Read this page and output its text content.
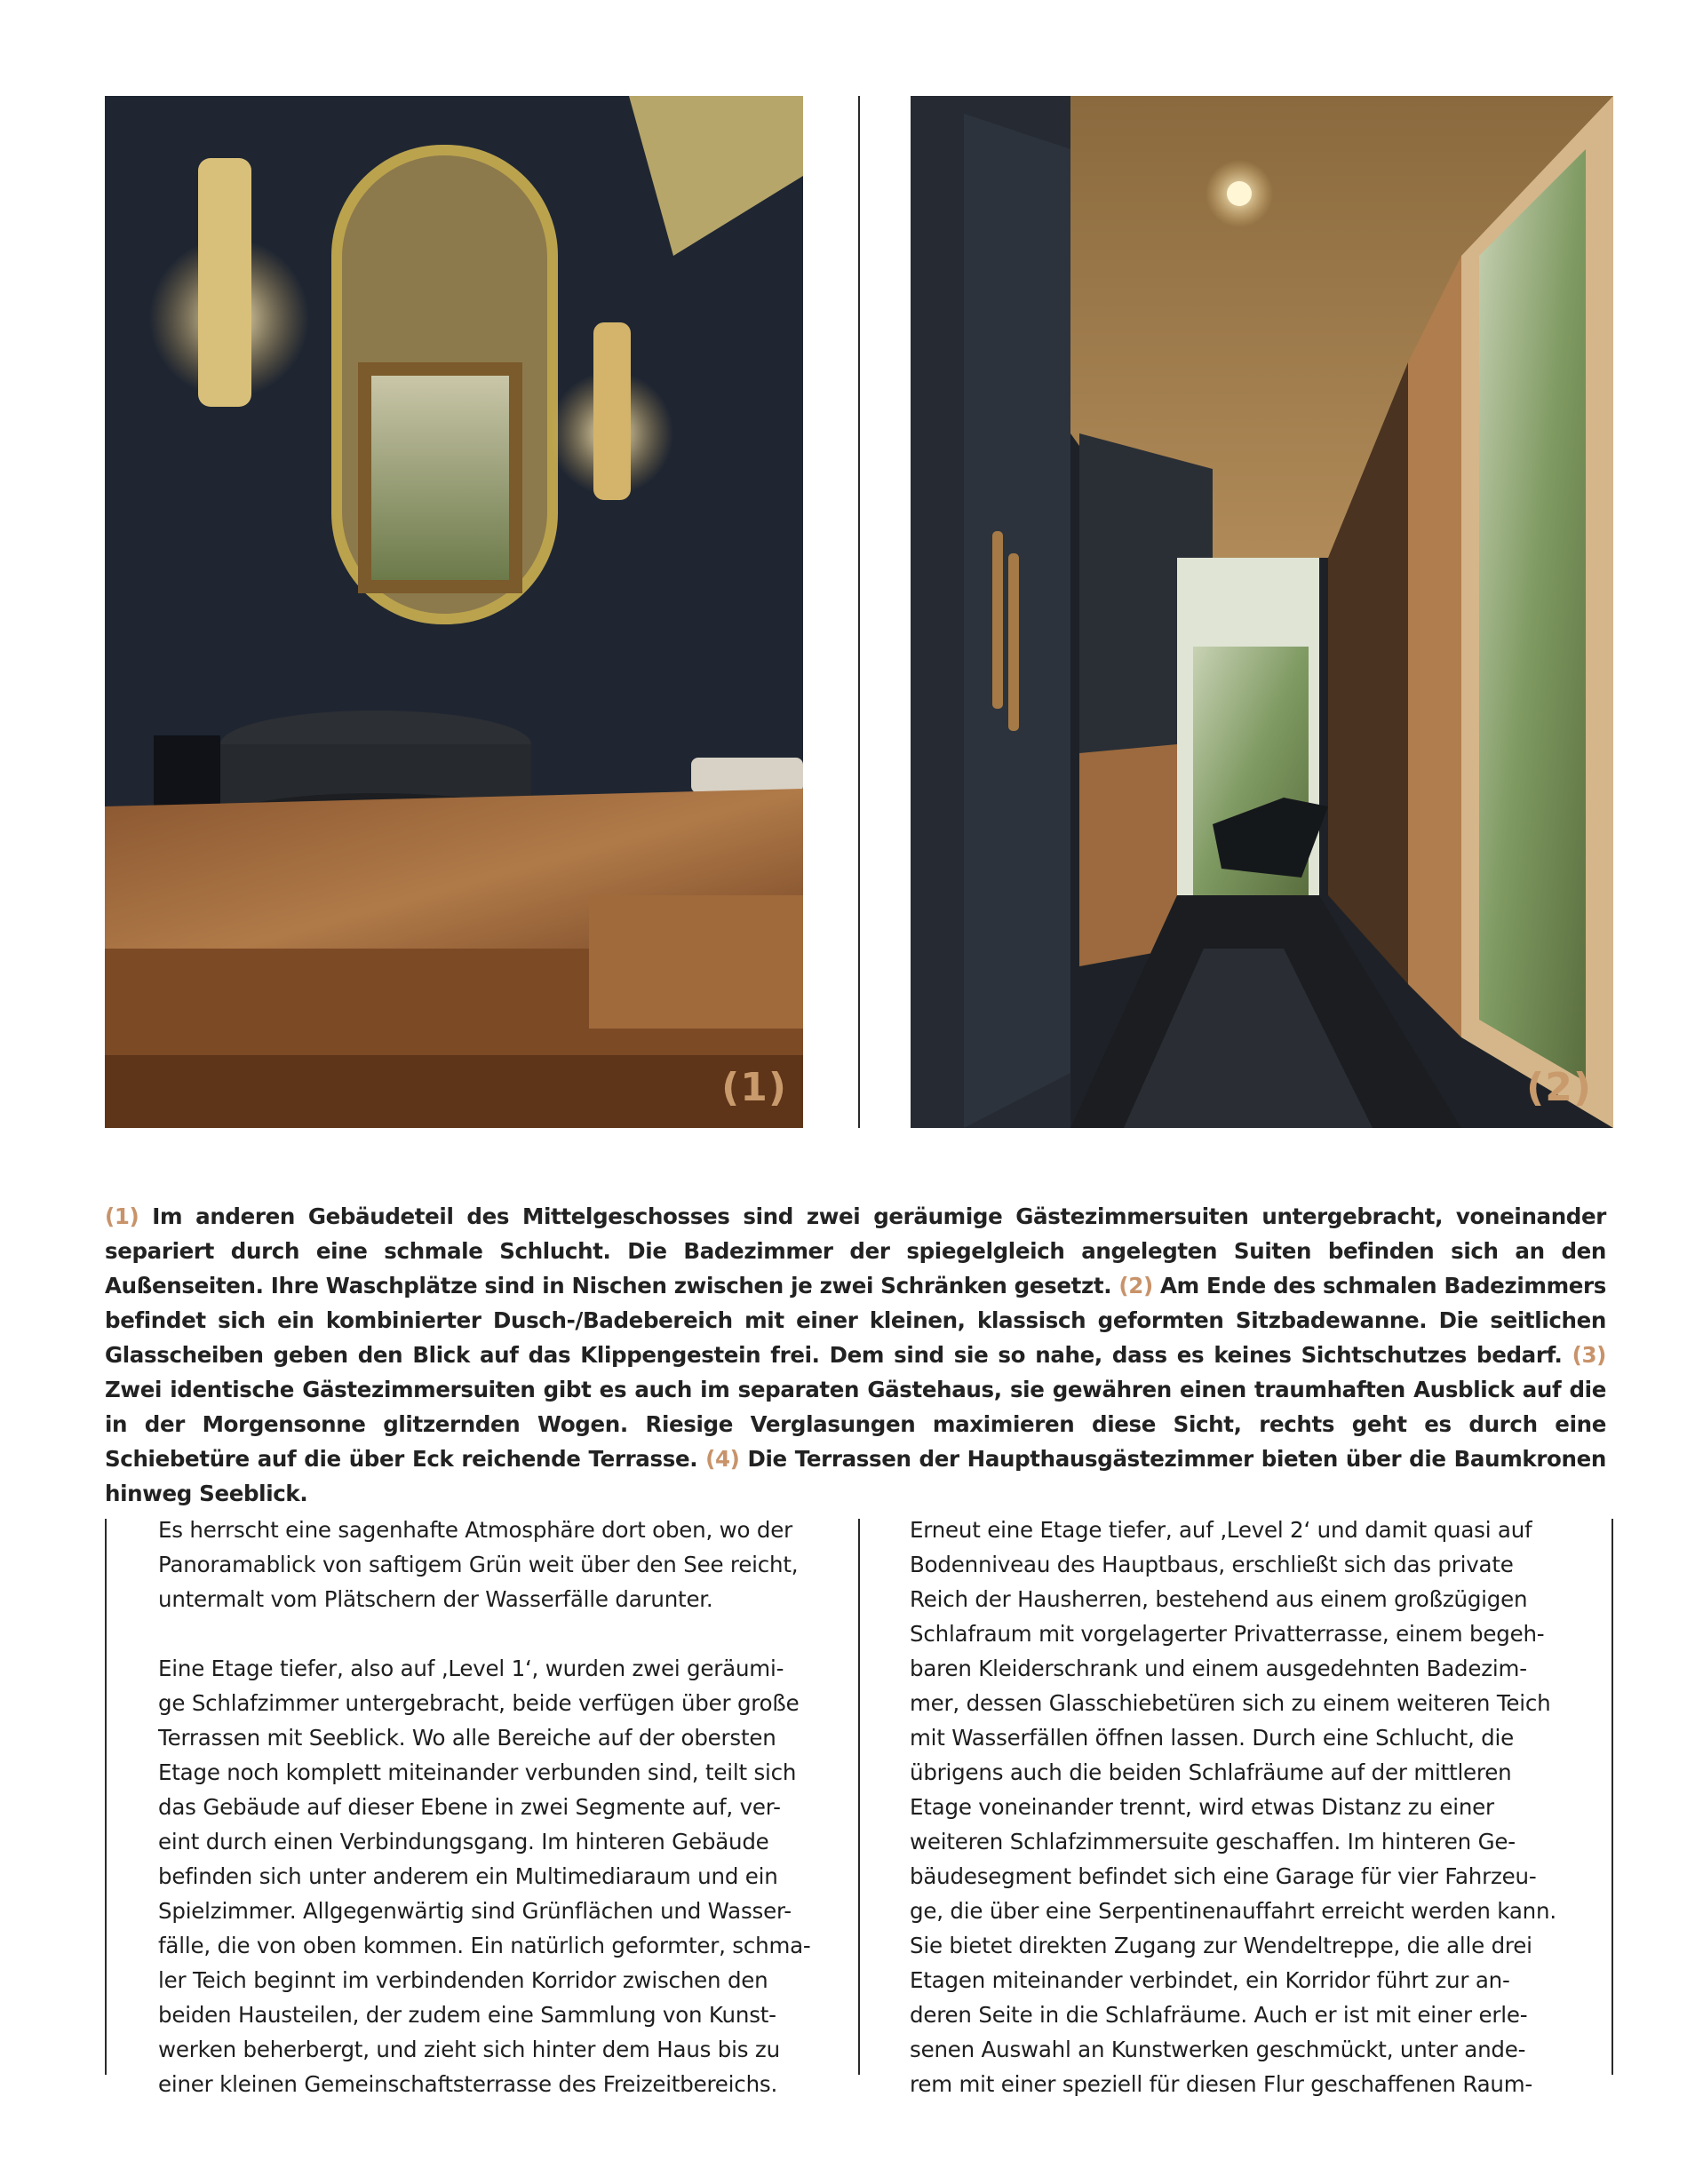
(1)	(2)
(1) Im anderen Gebäudeteil des Mittelgeschosses sind zwei geräumige Gästezimmersuiten untergebracht, voneinander separiert durch eine schmale Schlucht. Die Badezimmer der spiegelgleich angelegten Suiten befinden sich an den Außenseiten. Ihre Waschplätze sind in Nischen zwischen je zwei Schränken gesetzt. (2) Am Ende des schmalen Badezimmers befindet sich ein kombinierter Dusch-/Badebereich mit einer kleinen, klassisch geformten Sitzbadewanne. Die seitlichen Glasscheiben geben den Blick auf das Klippengestein frei. Dem sind sie so nahe, dass es keines Sichtschutzes bedarf. (3) Zwei identische Gästezimmersuiten gibt es auch im separaten Gästehaus, sie gewähren einen traumhaften Ausblick auf die in der Morgensonne glitzernden Wogen. Riesige Verglasungen maximieren diese Sicht, rechts geht es durch eine Schiebetüre auf die über Eck reichende Terrasse. (4) Die Terrassen der Haupthausgästezimmer bieten über die Baumkronen hinweg Seeblick.

Es herrscht eine sagenhafte Atmosphäre dort oben, wo der
Panoramablick von saftigem Grün weit über den See reicht,
untermalt vom Plätschern der Wasserfälle darunter.

Eine Etage tiefer, also auf ‚Level 1‘, wurden zwei geräumi-
ge Schlafzimmer untergebracht, beide verfügen über große
Terrassen mit Seeblick. Wo alle Bereiche auf der obersten
Etage noch komplett miteinander verbunden sind, teilt sich
das Gebäude auf dieser Ebene in zwei Segmente auf, ver-
eint durch einen Verbindungsgang. Im hinteren Gebäude
befinden sich unter anderem ein Multimediaraum und ein
Spielzimmer. Allgegenwärtig sind Grünflächen und Wasser-
fälle, die von oben kommen. Ein natürlich geformter, schma-
ler Teich beginnt im verbindenden Korridor zwischen den
beiden Hausteilen, der zudem eine Sammlung von Kunst-
werken beherbergt, und zieht sich hinter dem Haus bis zu
einer kleinen Gemeinschaftsterrasse des Freizeitbereichs.

Erneut eine Etage tiefer, auf ‚Level 2‘ und damit quasi auf
Bodenniveau des Hauptbaus, erschließt sich das private
Reich der Hausherren, bestehend aus einem großzügigen
Schlafraum mit vorgelagerter Privatterrasse, einem begeh-
baren Kleiderschrank und einem ausgedehnten Badezim-
mer, dessen Glasschiebetüren sich zu einem weiteren Teich
mit Wasserfällen öffnen lassen. Durch eine Schlucht, die
übrigens auch die beiden Schlafräume auf der mittleren
Etage voneinander trennt, wird etwas Distanz zu einer
weiteren Schlafzimmersuite geschaffen. Im hinteren Ge-
bäudesegment befindet sich eine Garage für vier Fahrzeu-
ge, die über eine Serpentinenauffahrt erreicht werden kann.
Sie bietet direkten Zugang zur Wendeltreppe, die alle drei
Etagen miteinander verbindet, ein Korridor führt zur an-
deren Seite in die Schlafräume. Auch er ist mit einer erle-
senen Auswahl an Kunstwerken geschmückt, unter ande-
rem mit einer speziell für diesen Flur geschaffenen Raum-
